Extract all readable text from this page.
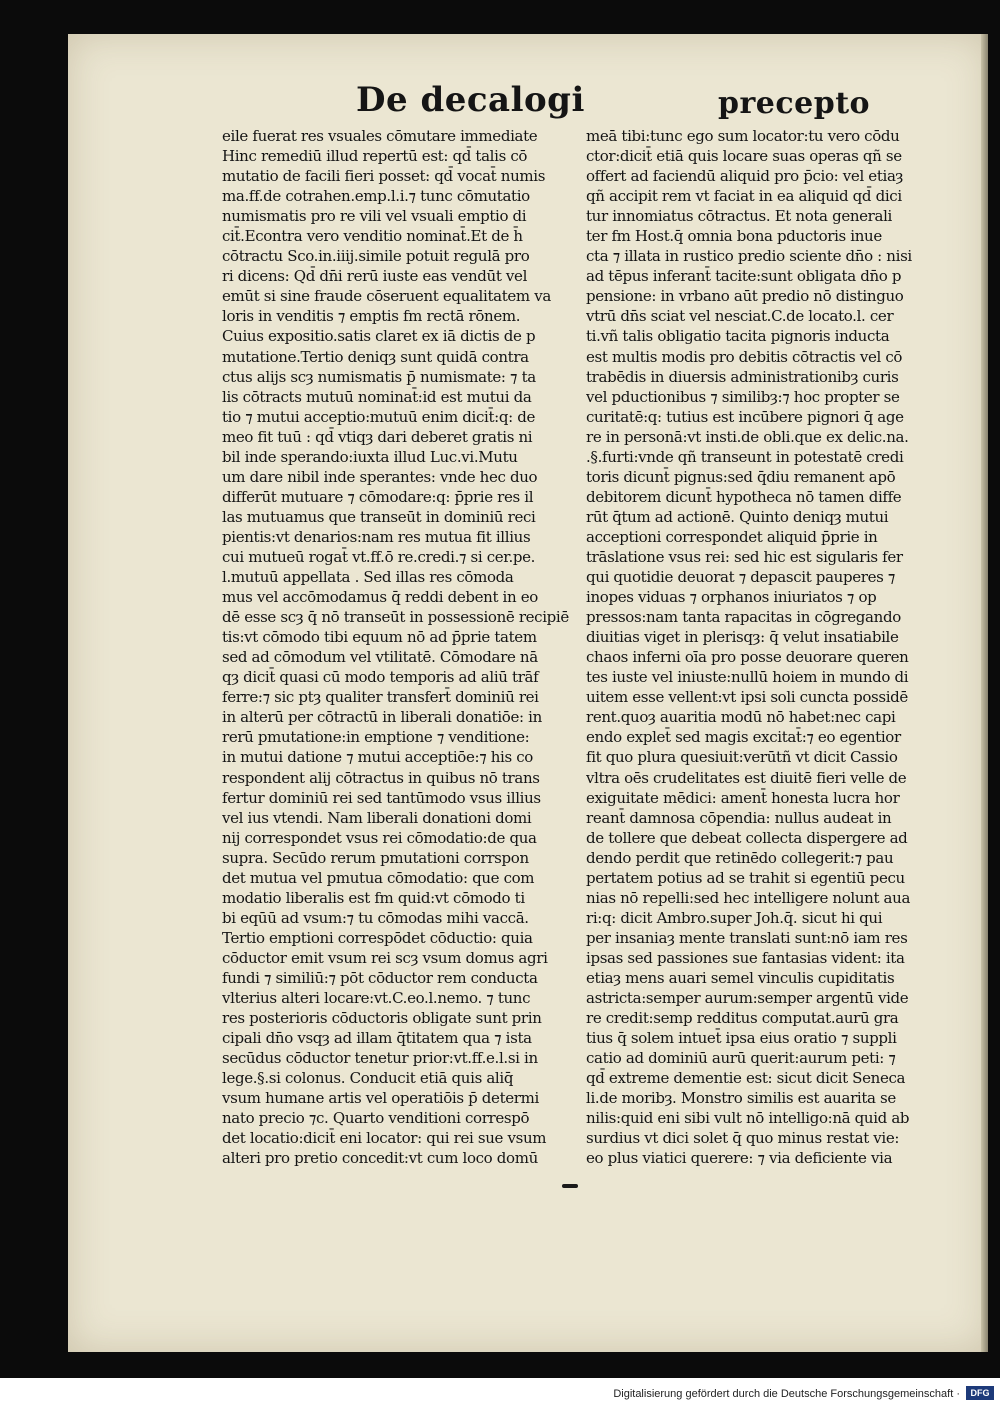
De decalogi	precepto
eile fuerat res vsuales cōmutare immediate
Hinc remediū illud repertū est: qd̄ talis cō
mutatio de facili fieri posset: qd̄ vocat̄ numis
ma.ff.de cotrahen.emp.l.i.⁊ tunc cōmutatio
numismatis pro re vili vel vsuali emptio di
cit̄.Econtra vero venditio nominat̄.Et de h̄
cōtractu Sco.in.iiij.simile potuit regulā pro
ri dicens: Qd̄ dn̄i rerū iuste eas vendūt vel
emūt si sine fraude cōseruent equalitatem va
loris in venditis ⁊ emptis fm rectā rōnem.
Cuius expositio.satis claret ex iā dictis de p
mutatione.Tertio deniqȝ sunt quidā contra
ctus alijs scȝ numismatis p̄ numismate: ⁊ ta
lis cōtracts mutuū nominat̄:id est mutui da
tio ⁊ mutui acceptio:mutuū enim dicit̄:q: de
meo fit tuū : qd̄ vtiqȝ dari deberet gratis ni
bil inde sperando:iuxta illud Luc.vi.Mutu
um dare nibil inde sperantes: vnde hec duo
differūt mutuare ⁊ cōmodare:q: p̄prie res il
las mutuamus que transeūt in dominiū reci
pientis:vt denarios:nam res mutua fit illius
cui mutueū rogat̄ vt.ff.ō re.credi.⁊ si cer.pe.
l.mutuū appellata . Sed illas res cōmoda
mus vel accōmodamus q̄ reddi debent in eo
dē esse scȝ q̄ nō transeūt in possessionē recipiē
tis:vt cōmodo tibi equum nō ad p̄prie tatem
sed ad cōmodum vel vtilitatē. Cōmodare nā
qȝ dicit̄ quasi cū modo temporis ad aliū trāf
ferre:⁊ sic ptȝ qualiter transfert̄ dominiū rei
in alterū per cōtractū in liberali donatiōe: in
rerū pmutatione:in emptione ⁊ venditione:
in mutui datione ⁊ mutui acceptiōe:⁊ his co
respondent alij cōtractus in quibus nō trans
fertur dominiū rei sed tantūmodo vsus illius
vel ius vtendi. Nam liberali donationi domi
nij correspondet vsus rei cōmodatio:de qua
supra. Secūdo rerum pmutationi corrspon
det mutua vel pmutua cōmodatio: que com
modatio liberalis est fm quid:vt cōmodo ti
bi eqūū ad vsum:⁊ tu cōmodas mihi vaccā.
Tertio emptioni correspōdet cōductio: quia
cōductor emit vsum rei scȝ vsum domus agri
fundi ⁊ similiū:⁊ pōt cōductor rem conducta
vlterius alteri locare:vt.C.eo.l.nemo. ⁊ tunc
res posterioris cōductoris obligate sunt prin
cipali dn̄o vsqȝ ad illam q̄titatem qua ⁊ ista
secūdus cōductor tenetur prior:vt.ff.e.l.si in
lege.§.si colonus. Conducit etiā quis aliq̄
vsum humane artis vel operatiōis p̄ determi
nato precio ⁊c. Quarto venditioni correspō
det locatio:dicit̄ eni locator: qui rei sue vsum
alteri pro pretio concedit:vt cum loco domū
meā tibi:tunc ego sum locator:tu vero cōdu
ctor:dicit̄ etiā quis locare suas operas qñ se
offert ad faciendū aliquid pro p̄cio: vel etiaȝ
qñ accipit rem vt faciat in ea aliquid qd̄ dici
tur innomiatus cōtractus. Et nota generali
ter fm Host.q̄ omnia bona pductoris inue
cta ⁊ illata in rustico predio sciente dn̄o : nisi
ad tēpus inferant̄ tacite:sunt obligata dn̄o p
pensione: in vrbano aūt predio nō distinguo
vtrū dn̄s sciat vel nesciat.C.de locato.l. cer
ti.vñ talis obligatio tacita pignoris inducta
est multis modis pro debitis cōtractis vel cō
trabēdis in diuersis administrationibȝ curis
vel pductionibus ⁊ similibȝ:⁊ hoc propter se
curitatē:q: tutius est incūbere pignori q̄ age
re in personā:vt insti.de obli.que ex delic.na.
.§.furti:vnde qñ transeunt in potestatē credi
toris dicunt̄ pignus:sed q̄diu remanent apō
debitorem dicunt̄ hypotheca nō tamen diffe
rūt q̄tum ad actionē. Quinto deniqȝ mutui
acceptioni correspondet aliquid p̄prie in
trāslatione vsus rei: sed hic est sigularis fer
qui quotidie deuorat ⁊ depascit pauperes ⁊
inopes viduas ⁊ orphanos iniuriatos ⁊ op
pressos:nam tanta rapacitas in cōgregando
diuitias viget in plerisqȝ: q̄ velut insatiabile
chaos inferni oīa pro posse deuorare queren
tes iuste vel iniuste:nullū hoiem in mundo di
uitem esse vellent:vt ipsi soli cuncta possidē
rent.quoȝ auaritia modū nō habet:nec capi
endo explet̄ sed magis excitat̄:⁊ eo egentior
fit quo plura quesiuit:verūtñ vt dicit Cassio
vltra oēs crudelitates est diuitē fieri velle de
exiguitate mēdici: ament̄ honesta lucra hor
reant̄ damnosa cōpendia: nullus audeat in
de tollere que debeat collecta dispergere ad
dendo perdit que retinēdo collegerit:⁊ pau
pertatem potius ad se trahit si egentiū pecu
nias nō repelli:sed hec intelligere nolunt aua
ri:q: dicit Ambro.super Joh.q̄. sicut hi qui
per insaniaȝ mente translati sunt:nō iam res
ipsas sed passiones sue fantasias vident: ita
etiaȝ mens auari semel vinculis cupiditatis
astricta:semper aurum:semper argentū vide
re credit:semp redditus computat.aurū gra
tius q̄ solem intuet̄ ipsa eius oratio ⁊ suppli
catio ad dominiū aurū querit:aurum peti: ⁊
qd̄ extreme dementie est: sicut dicit Seneca
li.de moribȝ. Monstro similis est auarita se
nilis:quid eni sibi vult nō intelligo:nā quid ab
surdius vt dici solet q̄ quo minus restat vie:
eo plus viatici querere: ⁊ via deficiente via
Digitalisierung gefördert durch die Deutsche Forschungsgemeinschaft ·	DFG
